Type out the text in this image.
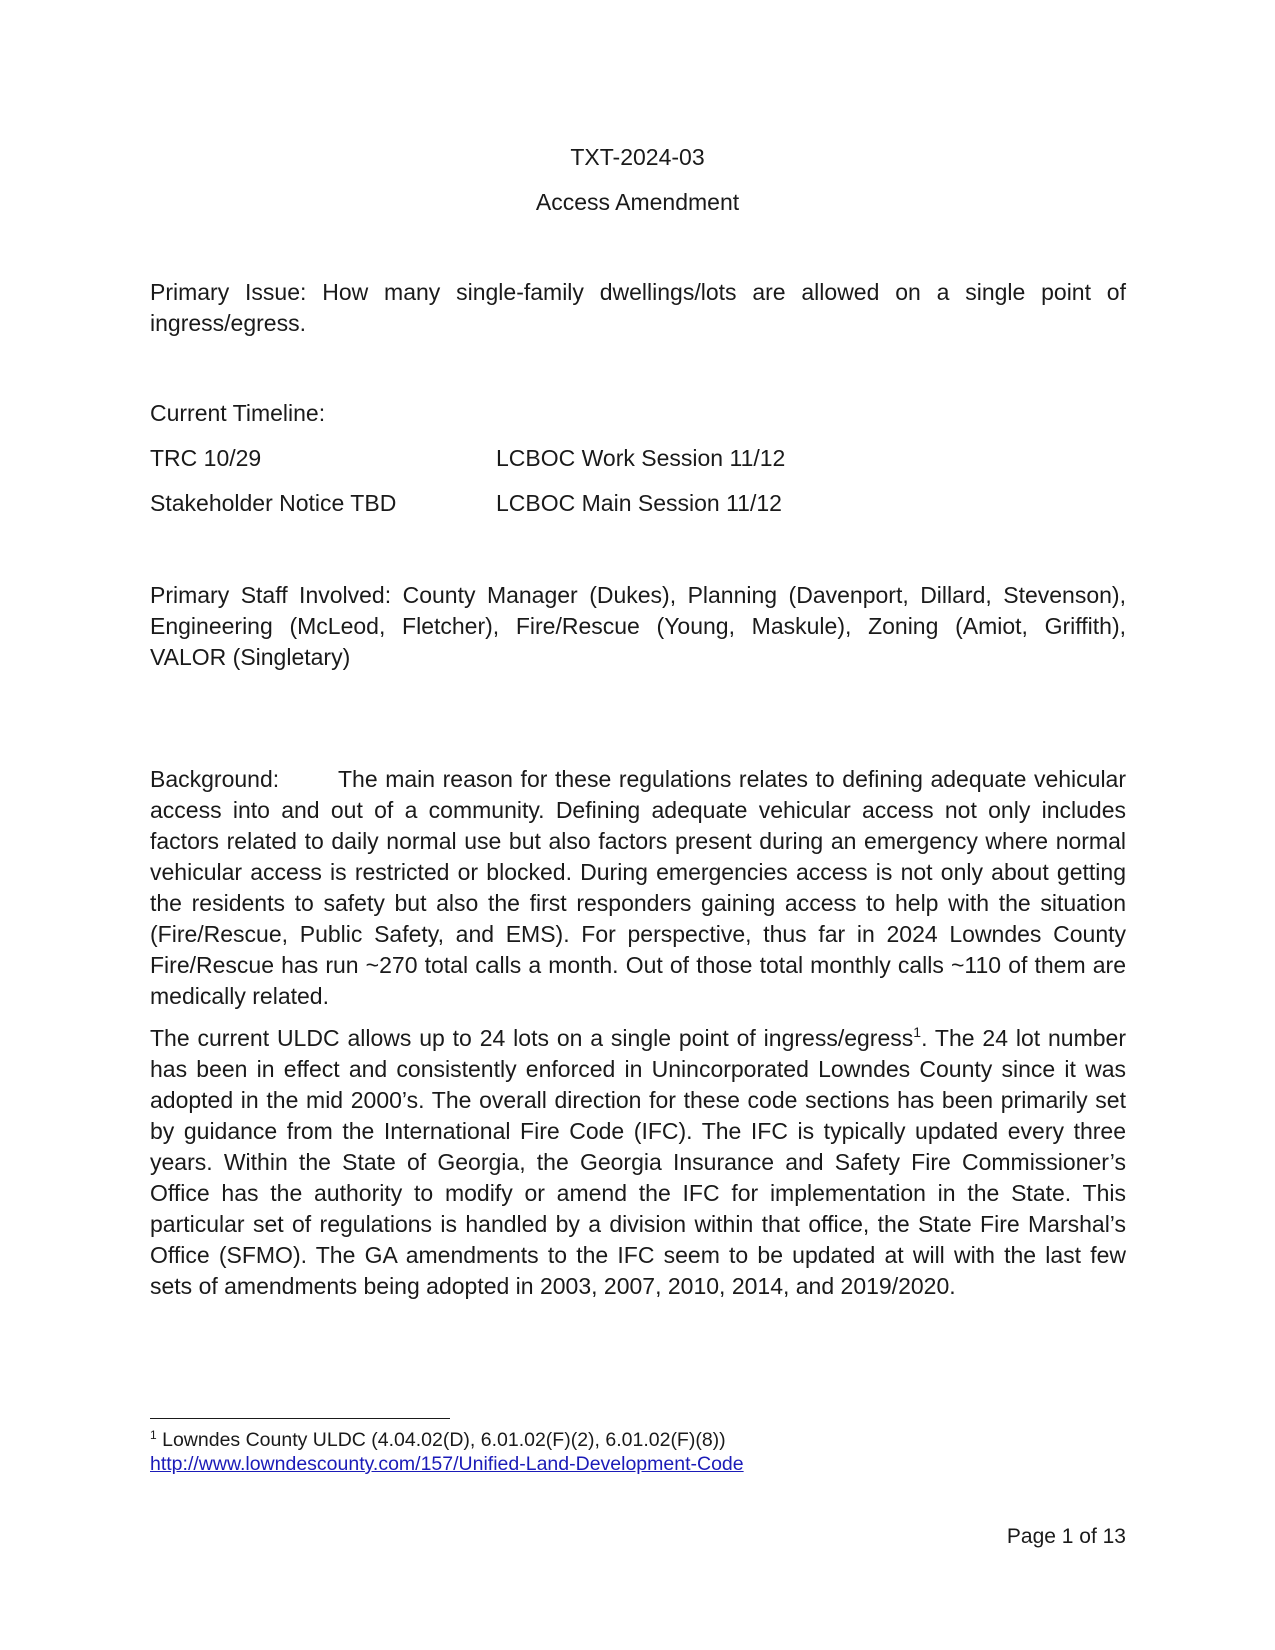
TXT-2024-03
Access Amendment
Primary Issue: How many single-family dwellings/lots are allowed on a single point of ingress/egress.
Current Timeline:
TRC 10/29	LCBOC Work Session 11/12
Stakeholder Notice TBD	LCBOC Main Session 11/12
Primary Staff Involved: County Manager (Dukes), Planning (Davenport, Dillard, Stevenson), Engineering (McLeod, Fletcher), Fire/Rescue (Young, Maskule), Zoning (Amiot, Griffith), VALOR (Singletary)
Background:	The main reason for these regulations relates to defining adequate vehicular access into and out of a community. Defining adequate vehicular access not only includes factors related to daily normal use but also factors present during an emergency where normal vehicular access is restricted or blocked. During emergencies access is not only about getting the residents to safety but also the first responders gaining access to help with the situation (Fire/Rescue, Public Safety, and EMS). For perspective, thus far in 2024 Lowndes County Fire/Rescue has run ~270 total calls a month. Out of those total monthly calls ~110 of them are medically related.
The current ULDC allows up to 24 lots on a single point of ingress/egress$^1$. The 24 lot number has been in effect and consistently enforced in Unincorporated Lowndes County since it was adopted in the mid 2000’s. The overall direction for these code sections has been primarily set by guidance from the International Fire Code (IFC). The IFC is typically updated every three years. Within the State of Georgia, the Georgia Insurance and Safety Fire Commissioner’s Office has the authority to modify or amend the IFC for implementation in the State. This particular set of regulations is handled by a division within that office, the State Fire Marshal’s Office (SFMO). The GA amendments to the IFC seem to be updated at will with the last few sets of amendments being adopted in 2003, 2007, 2010, 2014, and 2019/2020.
$^1$ Lowndes County ULDC (4.04.02(D), 6.01.02(F)(2), 6.01.02(F)(8))
http://www.lowndescounty.com/157/Unified-Land-Development-Code
Page 1 of 13
